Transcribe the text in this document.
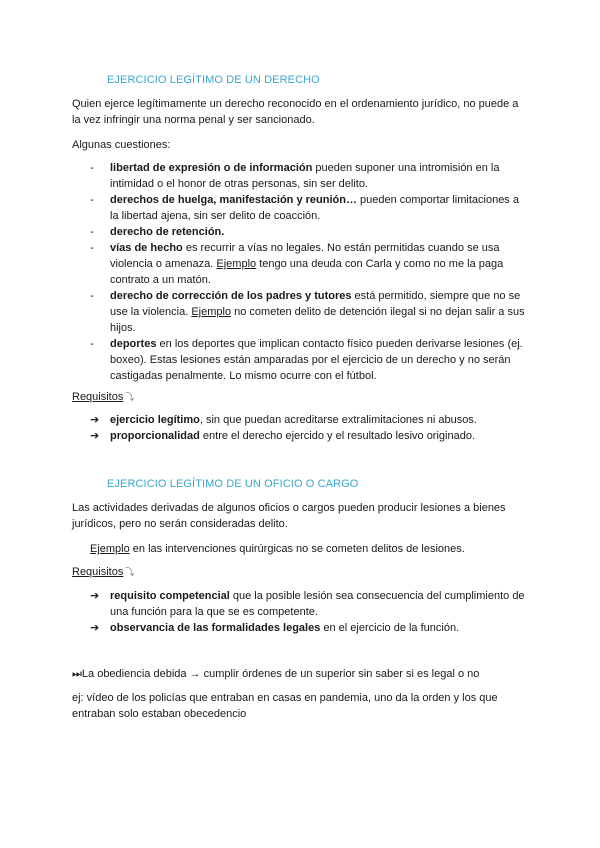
EJERCICIO LEGÍTIMO DE UN DERECHO
Quien ejerce legítimamente un derecho reconocido en el ordenamiento jurídico, no puede a la vez infringir una norma penal y ser sancionado.
Algunas cuestiones:
- libertad de expresión o de información pueden suponer una intromisión en la intimidad o el honor de otras personas, sin ser delito.
- derechos de huelga, manifestación y reunión… pueden comportar limitaciones a la libertad ajena, sin ser delito de coacción.
- derecho de retención.
- vías de hecho es recurrir a vías no legales. No están permitidas cuando se usa violencia o amenaza. Ejemplo tengo una deuda con Carla y como no me la paga contrato a un matón.
- derecho de corrección de los padres y tutores está permitido, siempre que no se use la violencia. Ejemplo no cometen delito de detención ilegal si no dejan salir a sus hijos.
- deportes en los deportes que implican contacto físico pueden derivarse lesiones (ej. boxeo). Estas lesiones están amparadas por el ejercicio de un derecho y no serán castigadas penalmente. Lo mismo ocurre con el fútbol.
Requisitos ⤵
➔ ejercicio legítimo, sin que puedan acreditarse extralimitaciones ni abusos.
➔ proporcionalidad entre el derecho ejercido y el resultado lesivo originado.
EJERCICIO LEGÍTIMO DE UN OFICIO O CARGO
Las actividades derivadas de algunos oficios o cargos pueden producir lesiones a bienes jurídicos, pero no serán consideradas delito.
Ejemplo en las intervenciones quirúrgicas no se cometen delitos de lesiones.
Requisitos ⤵
➔ requisito competencial que la posible lesión sea consecuencia del cumplimiento de una función para la que se es competente.
➔ observancia de las formalidades legales en el ejercicio de la función.
⏭La obediencia debida → cumplir órdenes de un superior sin saber si es legal o no
ej: vídeo de los policías que entraban en casas en pandemia, uno da la orden y los que entraban solo estaban obecedencio
